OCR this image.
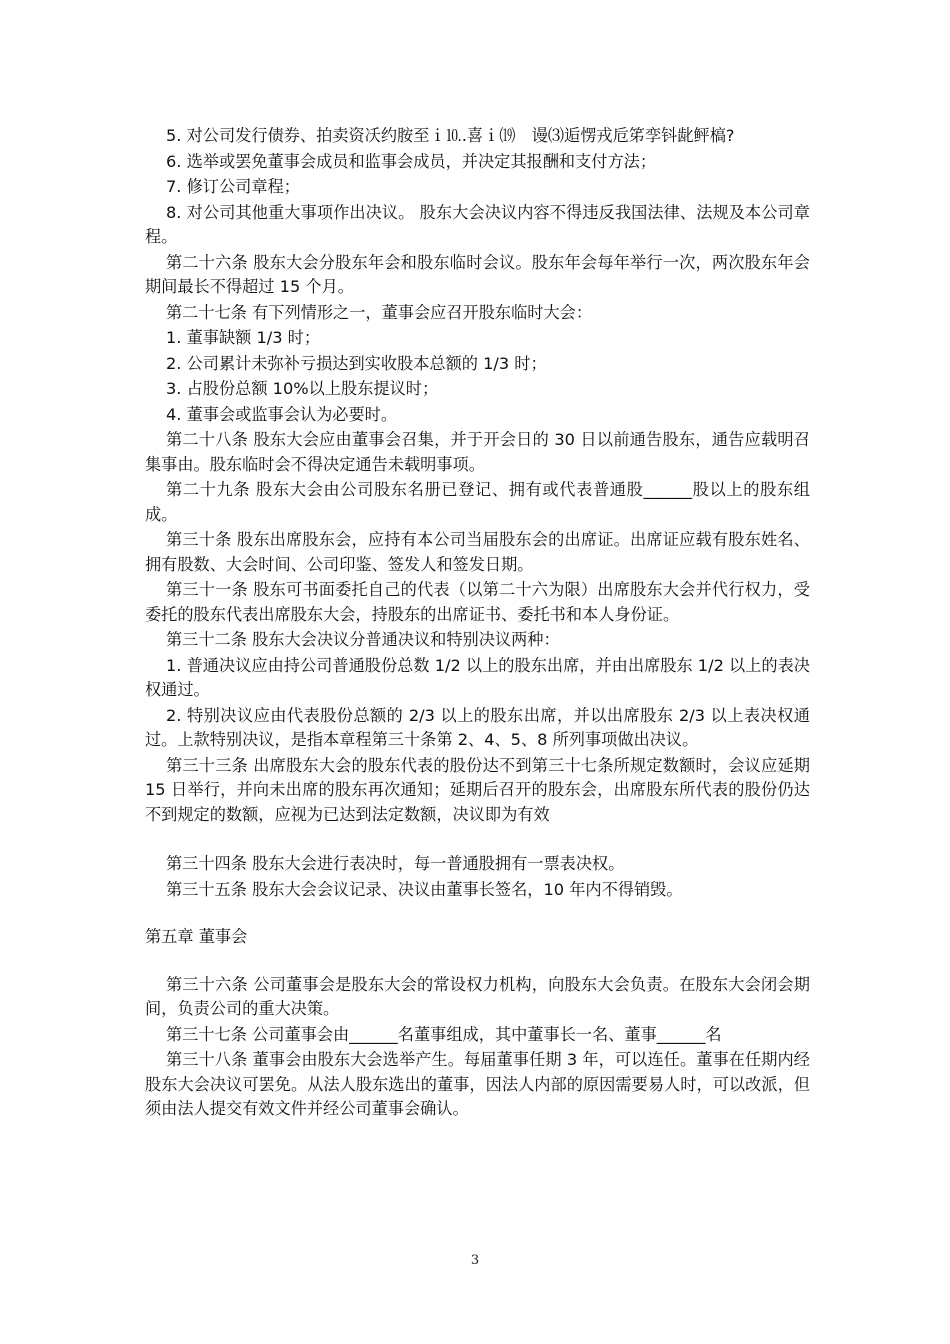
5. 对公司发行债券、拍卖资㓇约胺至ｉ⒑.喜ｉ⒆　谩⑶逅愣戎卮笫孪钭龀鲆槁?

6. 选举或罢免董事会成员和监事会成员，并决定其报酬和支付方法；

7. 修订公司章程；

8. 对公司其他重大事项作出决议。 股东大会决议内容不得违反我国法律、法规及本公司章程。

第二十六条 股东大会分股东年会和股东临时会议。股东年会每年举行一次，两次股东年会期间最长不得超过 15 个月。

第二十七条 有下列情形之一，董事会应召开股东临时大会：

1. 董事缺额 1/3 时；

2. 公司累计未弥补亏损达到实收股本总额的 1/3 时；

3. 占股份总额 10%以上股东提议时；

4. 董事会或监事会认为必要时。

第二十八条 股东大会应由董事会召集，并于开会日的 30 日以前通告股东，通告应载明召集事由。股东临时会不得决定通告未载明事项。

第二十九条 股东大会由公司股东名册已登记、拥有或代表普通股______股以上的股东组成。

第三十条 股东出席股东会，应持有本公司当届股东会的出席证。出席证应载有股东姓名、拥有股数、大会时间、公司印鉴、签发人和签发日期。

第三十一条 股东可书面委托自己的代表（以第二十六为限）出席股东大会并代行权力，受委托的股东代表出席股东大会，持股东的出席证书、委托书和本人身份证。

第三十二条 股东大会决议分普通决议和特别决议两种：

1. 普通决议应由持公司普通股份总数 1/2 以上的股东出席，并由出席股东 1/2 以上的表决权通过。

2. 特别决议应由代表股份总额的 2/3 以上的股东出席，并以出席股东 2/3 以上表决权通过。上款特别决议，是指本章程第三十条第 2、4、5、8 所列事项做出决议。

第三十三条 出席股东大会的股东代表的股份达不到第三十七条所规定数额时，会议应延期 15 日举行，并向未出席的股东再次通知；延期后召开的股东会，出席股东所代表的股份仍达不到规定的数额，应视为已达到法定数额，决议即为有效

第三十四条 股东大会进行表决时，每一普通股拥有一票表决权。

第三十五条 股东大会会议记录、决议由董事长签名，10 年内不得销毁。

第五章 董事会

第三十六条 公司董事会是股东大会的常设权力机构，向股东大会负责。在股东大会闭会期间，负责公司的重大决策。

第三十七条 公司董事会由______名董事组成，其中董事长一名、董事______名

第三十八条 董事会由股东大会选举产生。每届董事任期 3 年，可以连任。董事在任期内经股东大会决议可罢免。从法人股东选出的董事，因法人内部的原因需要易人时，可以改派，但须由法人提交有效文件并经公司董事会确认。

3
